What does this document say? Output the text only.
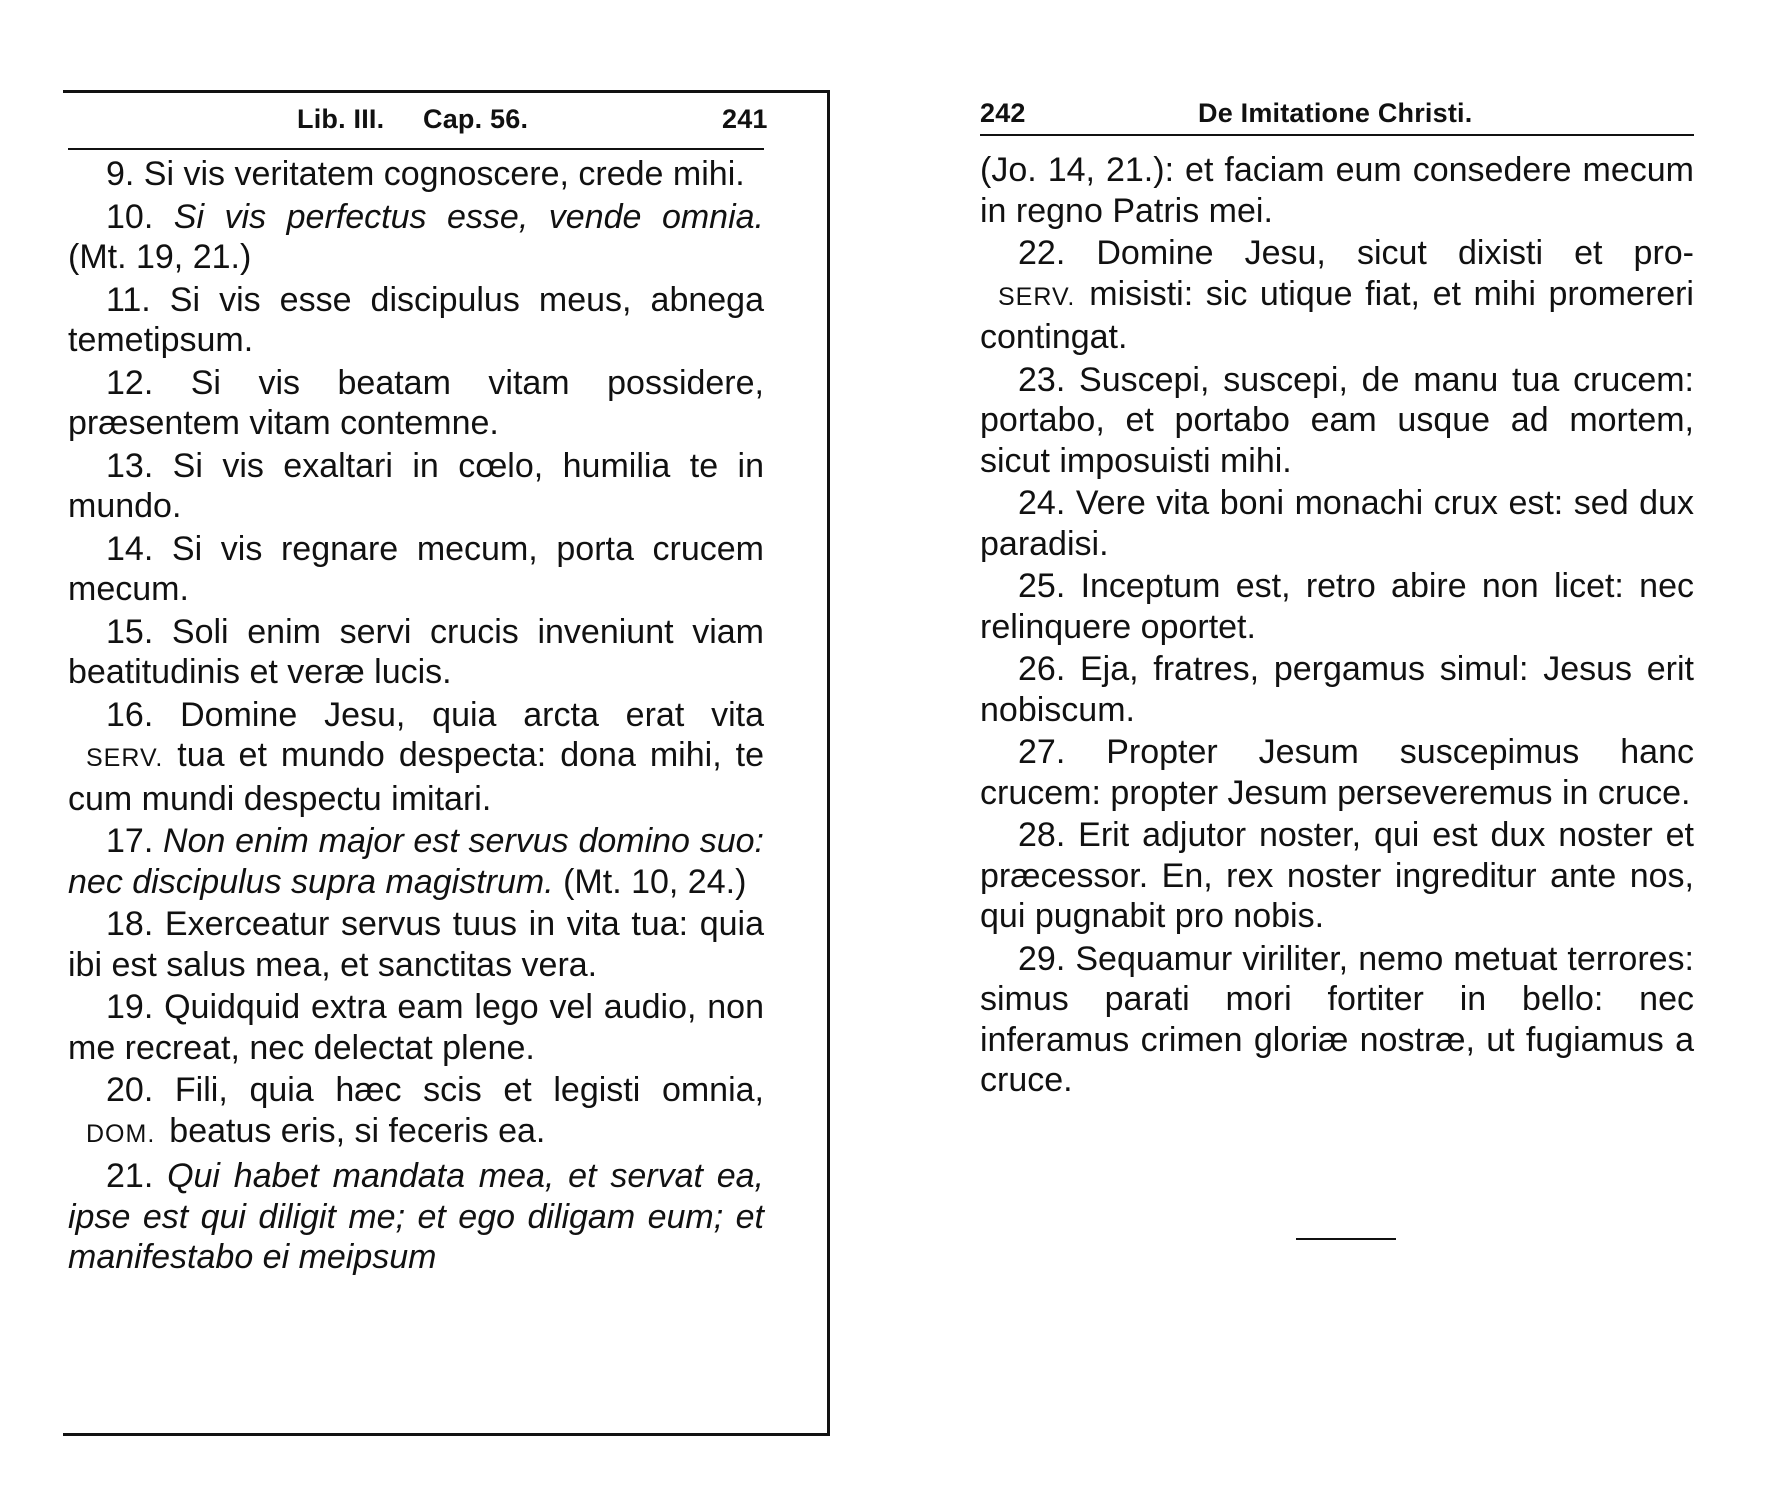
Lib. III. Cap. 56.	241

9. Si vis veritatem cognoscere, crede mihi.

10. Si vis perfectus esse, vende omnia. (Mt. 19, 21.)

11. Si vis esse discipulus meus, abnega temetipsum.

12. Si vis beatam vitam possidere, præsentem vitam contemne.

13. Si vis exaltari in cœlo, humilia te in mundo.

14. Si vis regnare mecum, porta crucem mecum.

15. Soli enim servi crucis inveniunt viam beatitudinis et veræ lucis.

16. Domine Jesu, quia arcta erat vita

SERV. tua et mundo despecta: dona mihi, te cum mundi despectu imitari.

17. Non enim major est servus domino suo: nec discipulus supra magistrum. (Mt. 10, 24.)

18. Exerceatur servus tuus in vita tua: quia ibi est salus mea, et sanctitas vera.

19. Quidquid extra eam lego vel audio, non me recreat, nec delectat plene.

20. Fili, quia hæc scis et legisti omnia,

DOM. beatus eris, si feceris ea.

21. Qui habet mandata mea, et servat ea, ipse est qui diligit me; et ego diligam eum; et manifestabo ei meipsum

242	De Imitatione Christi.

(Jo. 14, 21.): et faciam eum consedere mecum in regno Patris mei.

22. Domine Jesu, sicut dixisti et pro-

SERV. misisti: sic utique fiat, et mihi promereri contingat.

23. Suscepi, suscepi, de manu tua crucem: portabo, et portabo eam usque ad mortem, sicut imposuisti mihi.

24. Vere vita boni monachi crux est: sed dux paradisi.

25. Inceptum est, retro abire non licet: nec relinquere oportet.

26. Eja, fratres, pergamus simul: Jesus erit nobiscum.

27. Propter Jesum suscepimus hanc crucem: propter Jesum perseveremus in cruce.

28. Erit adjutor noster, qui est dux noster et præcessor. En, rex noster ingreditur ante nos, qui pugnabit pro nobis.

29. Sequamur viriliter, nemo metuat terrores: simus parati mori fortiter in bello: nec inferamus crimen gloriæ nostræ, ut fugiamus a cruce.
